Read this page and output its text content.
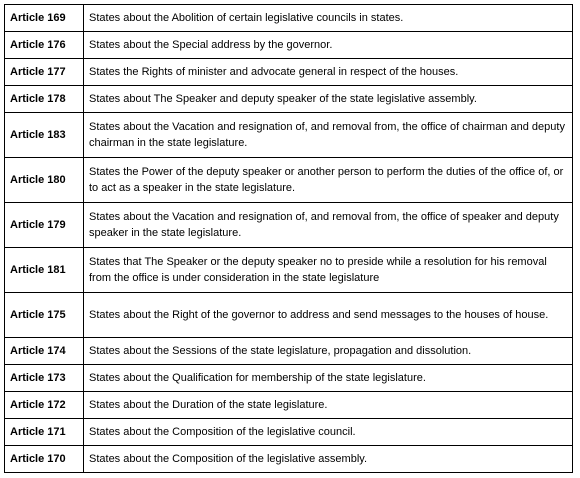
Article 169	States about the Abolition of certain legislative councils in states.
Article 176	States about the Special address by the governor.
Article 177	States the Rights of minister and advocate general in respect of the houses.
Article 178	States about The Speaker and deputy speaker of the state legislative assembly.
Article 183	States about the Vacation and resignation of, and removal from, the office of chairman and deputy chairman in the state legislature.
Article 180	States the Power of the deputy speaker or another person to perform the duties of the office of, or to act as a speaker in the state legislature.
Article 179	States about the Vacation and resignation of, and removal from, the office of speaker and deputy speaker in the state legislature.
Article 181	States that The Speaker or the deputy speaker no to preside while a resolution for his removal from the office is under consideration in the state legislature
Article 175	States about the Right of the governor to address and send messages to the houses of house.
Article 174	States about the Sessions of the state legislature, propagation and dissolution.
Article 173	States about the Qualification for membership of the state legislature.
Article 172	States about the Duration of the state legislature.
Article 171	States about the Composition of the legislative council.
Article 170	States about the Composition of the legislative assembly.
